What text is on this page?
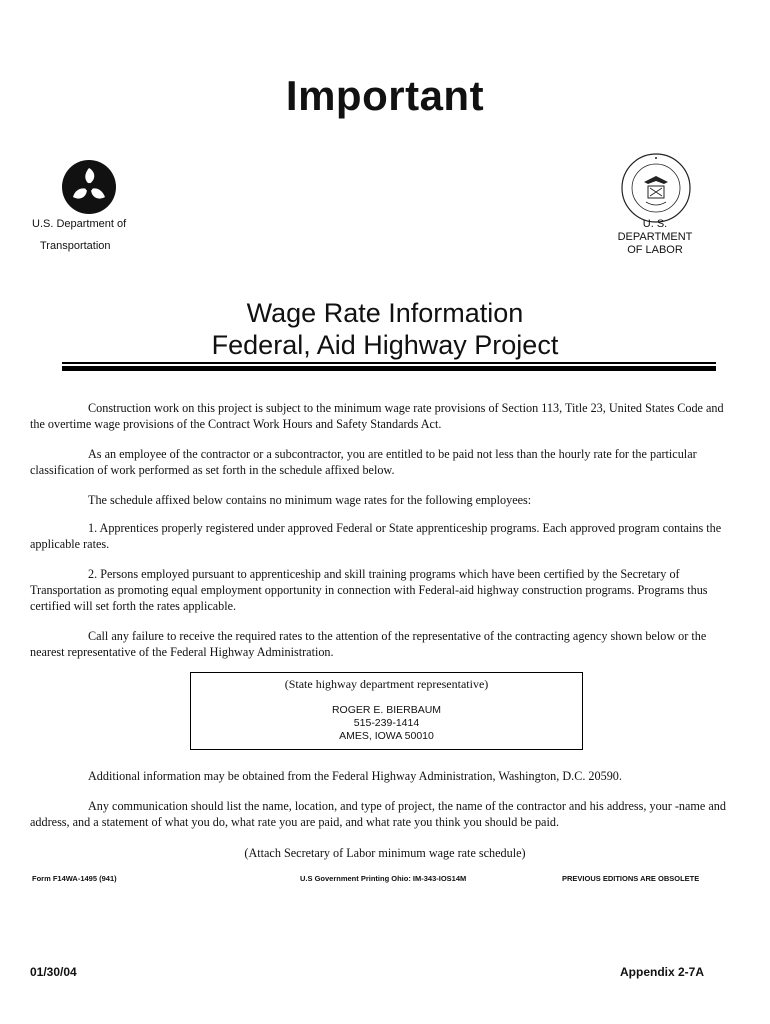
Important
U.S. Department of
Transportation
U. S.
DEPARTMENT
OF LABOR
Wage Rate Information
Federal, Aid Highway Project
Construction work on this project is subject to the minimum wage rate provisions of Section 113, Title 23, United States Code and the overtime wage provisions of the Contract Work Hours and Safety Standards Act.
As an employee of the contractor or a subcontractor, you are entitled to be paid not less than the hourly rate for the particular classification of work performed as set forth in the schedule affixed below.
The schedule affixed below contains no minimum wage rates for the following employees:
1. Apprentices properly registered under approved Federal or State apprenticeship programs. Each approved program contains the applicable rates.
2. Persons employed pursuant to apprenticeship and skill training programs which have been certified by the Secretary of Transportation as promoting equal employment opportunity in connection with Federal-aid highway construction programs. Programs thus certified will set forth the rates applicable.
Call any failure to receive the required rates to the attention of the representative of the contracting agency shown below or the nearest representative of the Federal Highway Administration.
(State highway department representative)
ROGER E. BIERBAUM
515-239-1414
AMES, IOWA 50010
Additional information may be obtained from the Federal Highway Administration, Washington, D.C. 20590.
Any communication should list the name, location, and type of project, the name of the contractor and his address, your -name and address, and a statement of what you do, what rate you are paid, and what rate you think you should be paid.
(Attach Secretary of Labor minimum wage rate schedule)
Form F14WA-1495 (941)	U.S Government Printing Ohio: IM-343-IOS14M	PREVIOUS EDITIONS ARE OBSOLETE
01/30/04	Appendix 2-7A
